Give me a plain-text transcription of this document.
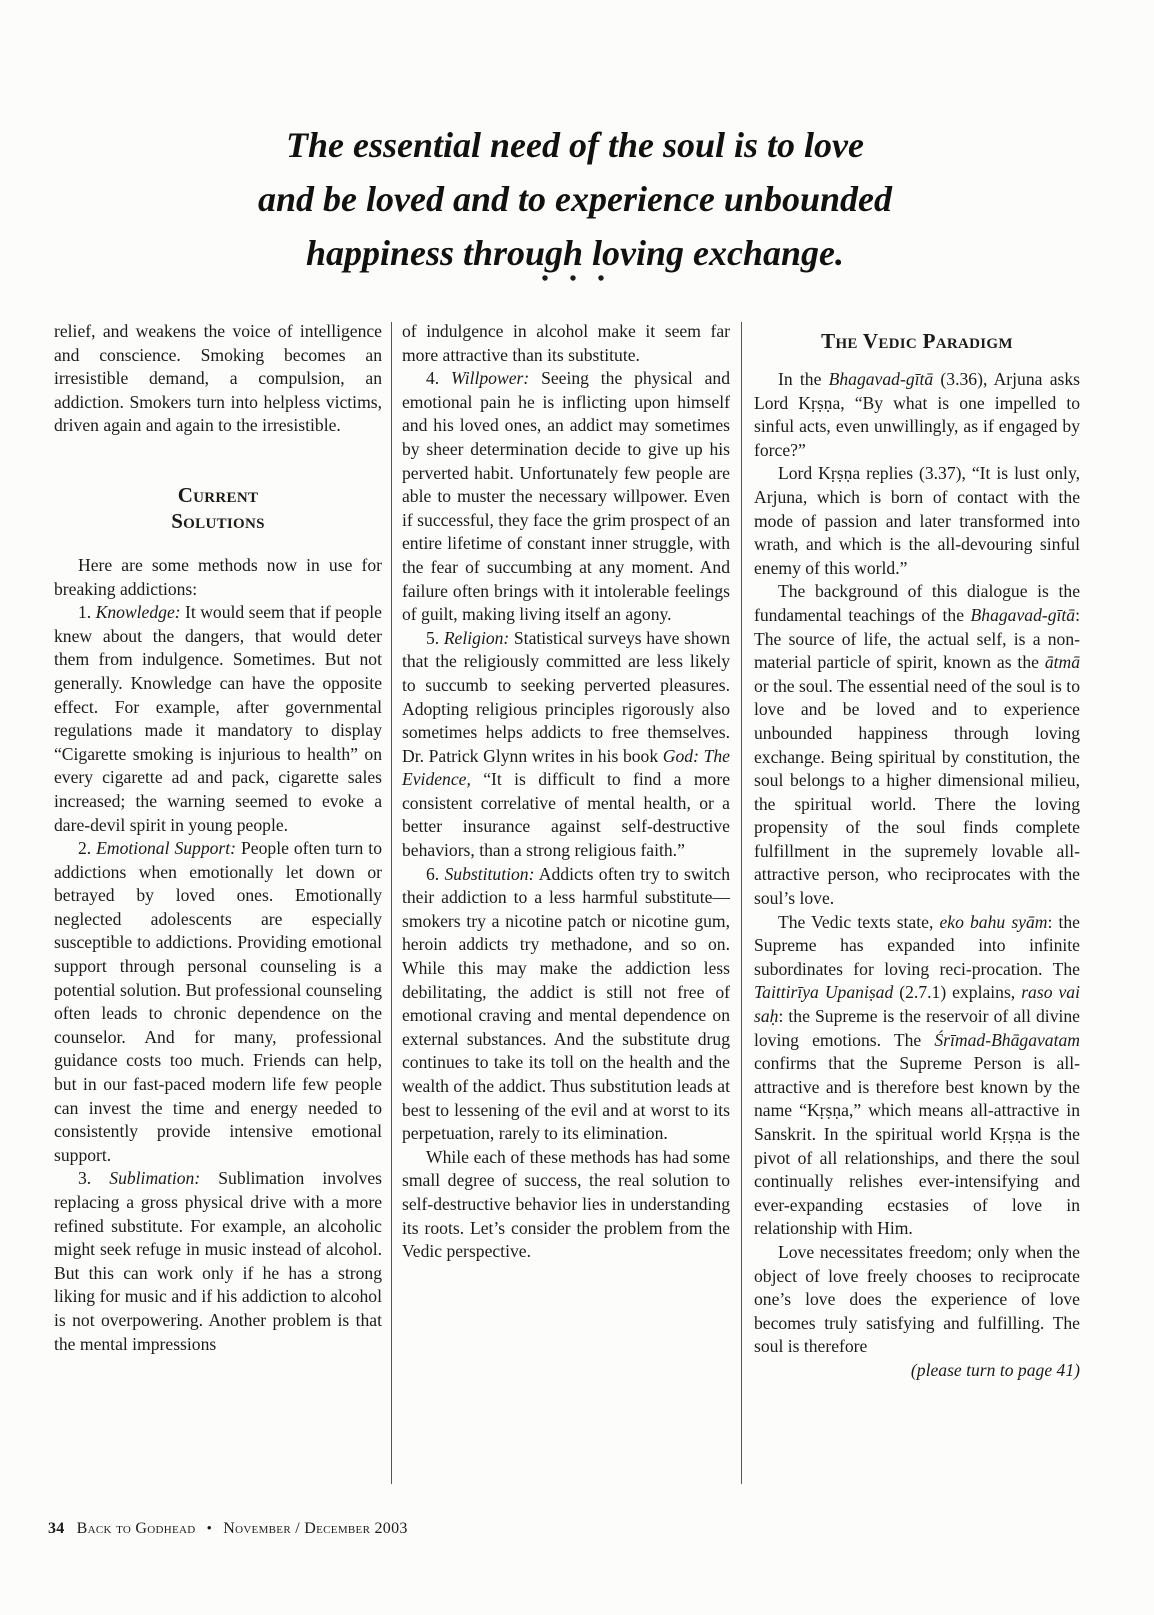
The essential need of the soul is to love
and be loved and to experience unbounded
happiness through loving exchange.
• • •

relief, and weakens the voice of intelligence and conscience. Smoking becomes an irresistible demand, a compulsion, an addiction. Smokers turn into helpless victims, driven again and again to the irresistible.

Current
Solutions

Here are some methods now in use for breaking addictions:

1. Knowledge: It would seem that if people knew about the dangers, that would deter them from indulgence. Sometimes. But not generally. Knowledge can have the opposite effect. For example, after governmental regulations made it mandatory to display “Cigarette smoking is injurious to health” on every cigarette ad and pack, cigarette sales increased; the warning seemed to evoke a dare-devil spirit in young people.

2. Emotional Support: People often turn to addictions when emotionally let down or betrayed by loved ones. Emotionally neglected adolescents are especially susceptible to addictions. Providing emotional support through personal counseling is a potential solution. But professional counseling often leads to chronic dependence on the counselor. And for many, professional guidance costs too much. Friends can help, but in our fast-paced modern life few people can invest the time and energy needed to consistently provide intensive emotional support.

3. Sublimation: Sublimation involves replacing a gross physical drive with a more refined substitute. For example, an alcoholic might seek refuge in music instead of alcohol. But this can work only if he has a strong liking for music and if his addiction to alcohol is not overpowering. Another problem is that the mental impressions

of indulgence in alcohol make it seem far more attractive than its substitute.

4. Willpower: Seeing the physical and emotional pain he is inflicting upon himself and his loved ones, an addict may sometimes by sheer determination decide to give up his perverted habit. Unfortunately few people are able to muster the necessary willpower. Even if successful, they face the grim prospect of an entire lifetime of constant inner struggle, with the fear of succumbing at any moment. And failure often brings with it intolerable feelings of guilt, making living itself an agony.

5. Religion: Statistical surveys have shown that the religiously committed are less likely to succumb to seeking perverted pleasures. Adopting religious principles rigorously also sometimes helps addicts to free themselves. Dr. Patrick Glynn writes in his book God: The Evidence, “It is difficult to find a more consistent correlative of mental health, or a better insurance against self-destructive behaviors, than a strong religious faith.”

6. Substitution: Addicts often try to switch their addiction to a less harmful substitute—smokers try a nicotine patch or nicotine gum, heroin addicts try methadone, and so on. While this may make the addiction less debilitating, the addict is still not free of emotional craving and mental dependence on external substances. And the substitute drug continues to take its toll on the health and the wealth of the addict. Thus substitution leads at best to lessening of the evil and at worst to its perpetuation, rarely to its elimination.

While each of these methods has had some small degree of success, the real solution to self-destructive behavior lies in understanding its roots. Let’s consider the problem from the Vedic perspective.

The Vedic Paradigm

In the Bhagavad-gītā (3.36), Arjuna asks Lord Kṛṣṇa, “By what is one impelled to sinful acts, even unwillingly, as if engaged by force?”

Lord Kṛṣṇa replies (3.37), “It is lust only, Arjuna, which is born of contact with the mode of passion and later transformed into wrath, and which is the all-devouring sinful enemy of this world.”

The background of this dialogue is the fundamental teachings of the Bhagavad-gītā: The source of life, the actual self, is a non-material particle of spirit, known as the ātmā or the soul. The essential need of the soul is to love and be loved and to experience unbounded happiness through loving exchange. Being spiritual by constitution, the soul belongs to a higher dimensional milieu, the spiritual world. There the loving propensity of the soul finds complete fulfillment in the supremely lovable all-attractive person, who reciprocates with the soul’s love.

The Vedic texts state, eko bahu syām: the Supreme has expanded into infinite subordinates for loving reci-procation. The Taittirīya Upaniṣad (2.7.1) explains, raso vai saḥ: the Supreme is the reservoir of all divine loving emotions. The Śrīmad-Bhāgavatam confirms that the Supreme Person is all-attractive and is therefore best known by the name “Kṛṣṇa,” which means all-attractive in Sanskrit. In the spiritual world Kṛṣṇa is the pivot of all relationships, and there the soul continually relishes ever-intensifying and ever-expanding ecstasies of love in relationship with Him.

Love necessitates freedom; only when the object of love freely chooses to reciprocate one’s love does the experience of love becomes truly satisfying and fulfilling. The soul is therefore

(please turn to page 41)

34 Back to Godhead • November / December 2003
